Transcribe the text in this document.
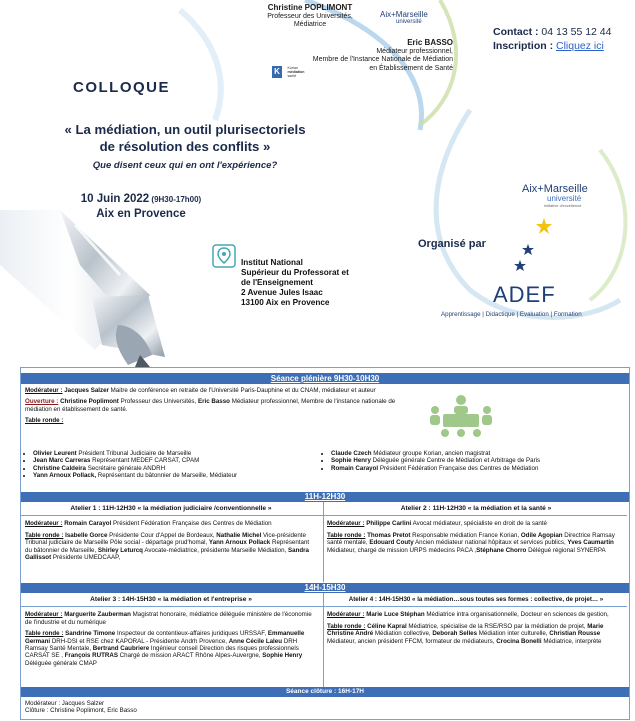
Christine POPLIMONT
Professeur des Universités,
Médiatrice
Aix+Marseille
université
Eric BASSO
Médiateur professionnel,
Membre de l'Instance Nationale de Médiation
en Établissement de Santé
K Korian
médiation
santé
Contact : 04 13 55 12 44
Inscription : Cliquez ici
COLLOQUE
« La médiation, un outil plurisectoriels
de résolution des conflits »
Que disent ceux qui en ont l'expérience?
10 Juin 2022 (9H30-17h00)
Aix en Provence
Institut National
Supérieur du Professorat et
de l'Enseignement
2 Avenue Jules Isaac
13100 Aix en Provence
Aix+Marseille
université
initiative d'excellence
Organisé par
ADEF
Apprentissage | Didactique | Evaluation | Formation
Séance plénière 9H30-10H30

Modérateur : Jacques Salzer Maitre de conférence en retraite de l'Université Paris-Dauphine et du CNAM, médiateur et auteur

Ouverture : Christine Poplimont Professeur des Universités, Eric Basso Médiateur professionnel, Membre de l'instance nationale de médiation en établissement de santé.

Table ronde :
• Olivier Leurent Président Tribunal Judiciaire de Marseille
• Jean Marc Carreras Représentant MEDEF CARSAT, CPAM
• Christine Caldeira Secrétaire générale ANDRH
• Yann Arnoux Pollack, Représentant du bâtonnier de Marseille, Médiateur
• Claude Czech Médiateur groupe Korian, ancien magistrat
• Sophie Henry Déléguée générale Centre de Médiation et Arbitrage de Paris
• Romain Carayol Président Fédération Française des Centres de Médiation
11H-12H30
Atelier 1 : 11H-12H30 « la médiation judiciaire /conventionnelle »

Modérateur : Romain Carayol Président Fédération Française des Centres de Médiation

Table ronde : Isabelle Gorce Présidente Cour d'Appel de Bordeaux, Nathalie Michel Vice-présidente Tribunal judiciaire de Marseille Pôle social - départage prud'homal, Yann Arnoux Pollack Représentant du bâtonnier de Marseille, Shirley Leturcq Avocate-médiatrice, présidente Marseille Médiation, Sandra Gallissot Présidente UMEDCAAP,

Atelier 2 : 11H-12H30 « la médiation et la santé »

Modérateur : Philippe Carlini Avocat médiateur, spécialiste en droit de la santé

Table ronde : Thomas Pretot Responsable médiation France Korian, Odile Agopian Directrice Ramsay santé mentale, Edouard Couty Ancien médiateur national hôpitaux et services publics, Yves Caumartin Médiateur, chargé de mission URPS médecins PACA ,Stéphane Chorro Délégué régional SYNERPA

14H-15H30
Atelier 3 : 14H-15H30 « la médiation et l'entreprise »

Modérateur : Marguerite Zauberman Magistrat honoraire, médiatrice déléguée ministère de l'économie de l'industrie et du numérique

Table ronde : Sandrine Timone Inspecteur de contentieux-affaires juridiques URSSAF, Emmanuelle Germani DRH-DSI et RSE chez KAPORAL - Présidente Andrh Provence, Anne Cécile Laleu DRH Ramsay Santé Mentale, Bertrand Caubriere Ingénieur conseil Direction des risques professionnels CARSAT SE , François RUTRAS Chargé de mission ARACT Rhône Alpes-Auvergne, Sophie Henry Déléguée générale CMAP

Atelier 4 : 14H-15H30 « la médiation…sous toutes ses formes : collective, de projet… »

Modérateur : Marie Luce Stéphan Médiatrice intra organisationnelle, Docteur en sciences de gestion,

Table ronde : Céline Kapral Médiatrice, spécialise de la RSE/RSO par la médiation de projet, Marie Christine André Médiation collective, Deborah Selles Médiation inter culturelle, Christian Rousse Médiateur, ancien président FFCM, formateur de médiateurs, Crocina Bonelli Médiatrice, interprète

Séance clôture : 16H-17H
Modérateur : Jacques Salzer
Clôture : Christine Poplimont, Eric Basso
